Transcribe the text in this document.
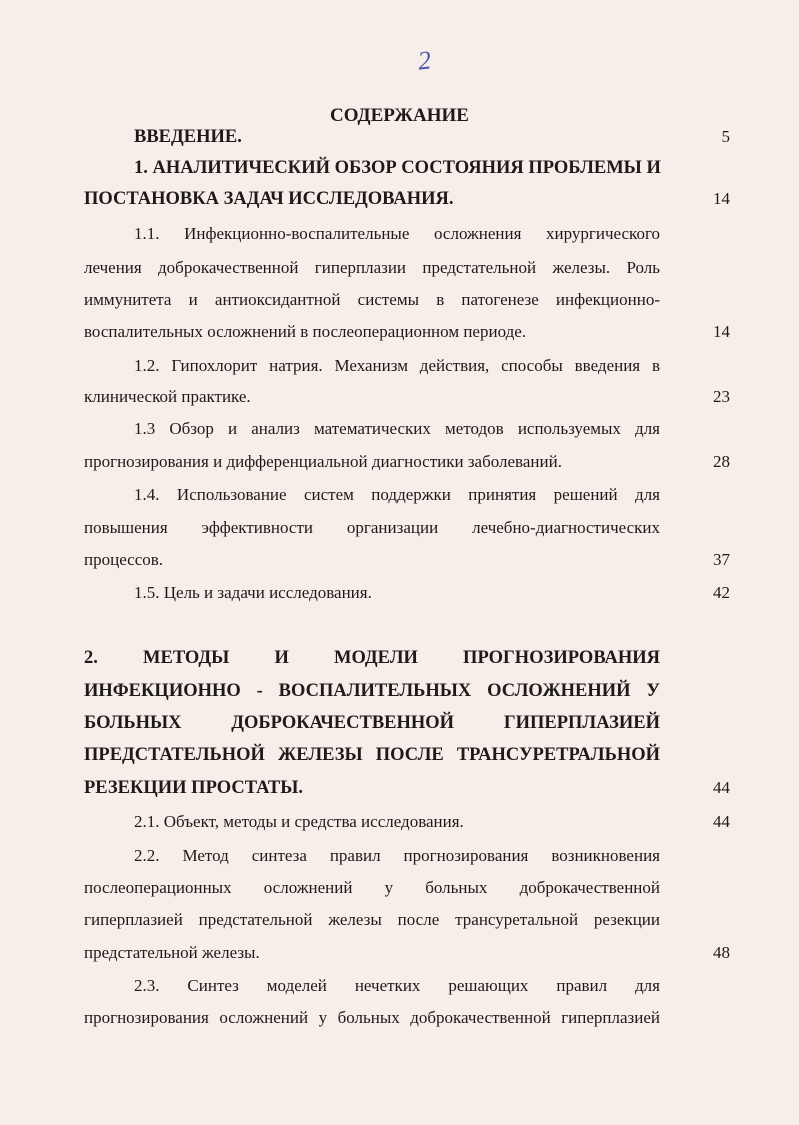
2
СОДЕРЖАНИЕ
ВВЕДЕНИЕ.
1. АНАЛИТИЧЕСКИЙ ОБЗОР СОСТОЯНИЯ ПРОБЛЕМЫ И
ПОСТАНОВКА ЗАДАЧ ИССЛЕДОВАНИЯ.
1.1. Инфекционно-воспалительные осложнения хирургического
лечения доброкачественной гиперплазии предстательной железы. Роль
иммунитета и антиоксидантной системы в патогенезе инфекционно-
воспалительных осложнений в послеоперационном периоде.
1.2. Гипохлорит натрия. Механизм действия, способы введения в
клинической практике.
1.3 Обзор и анализ математических методов используемых для
прогнозирования и дифференциальной диагностики заболеваний.
1.4. Использование систем поддержки принятия решений для
повышения эффективности организации лечебно-диагностических
процессов.
1.5. Цель и задачи исследования.
2. МЕТОДЫ И МОДЕЛИ ПРОГНОЗИРОВАНИЯ
ИНФЕКЦИОННО - ВОСПАЛИТЕЛЬНЫХ ОСЛОЖНЕНИЙ У
БОЛЬНЫХ ДОБРОКАЧЕСТВЕННОЙ ГИПЕРПЛАЗИЕЙ
ПРЕДСТАТЕЛЬНОЙ ЖЕЛЕЗЫ ПОСЛЕ ТРАНСУРЕТРАЛЬНОЙ
РЕЗЕКЦИИ ПРОСТАТЫ.
2.1. Объект, методы и средства исследования.
2.2. Метод синтеза правил прогнозирования возникновения
послеоперационных осложнений у больных доброкачественной
гиперплазией предстательной железы после трансуретальной резекции
предстательной железы.
2.3. Синтез моделей нечетких решающих правил для
прогнозирования осложнений у больных доброкачественной гиперплазией
5
14
14
23
28
37
42
44
44
48
